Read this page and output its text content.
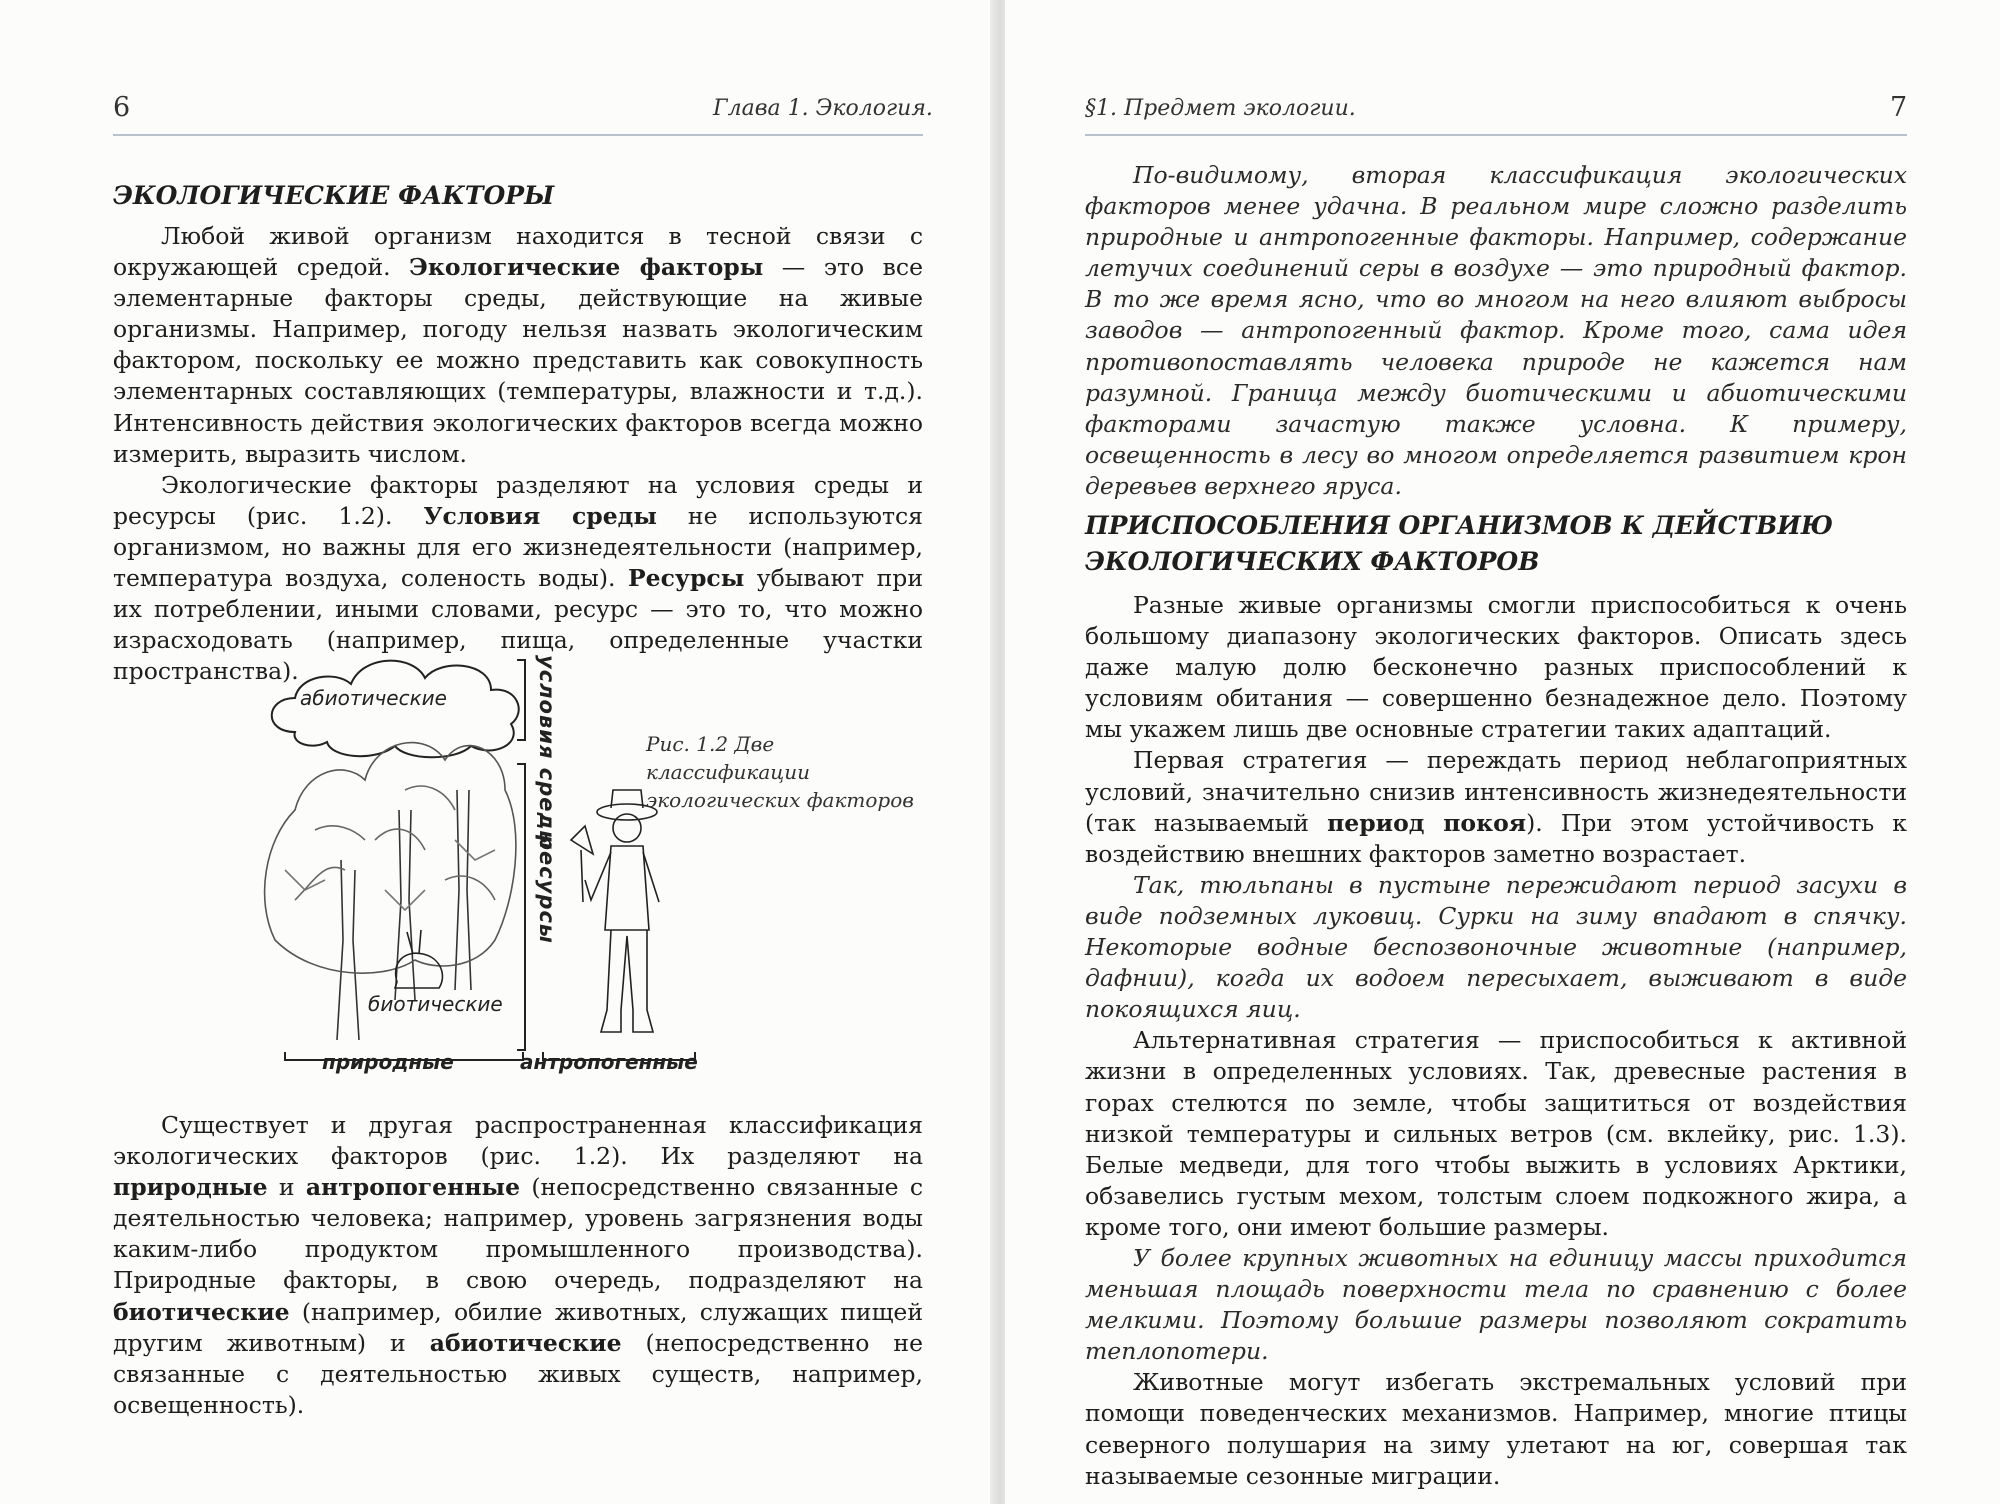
6	Глава 1. Экология.
ЭКОЛОГИЧЕСКИЕ ФАКТОРЫ

Любой живой организм находится в тесной связи с окружающей средой. Экологические факторы — это все элементарные факторы среды, действующие на живые организмы. Например, погоду нельзя назвать экологическим фактором, поскольку ее можно представить как совокупность элементарных составляющих (температуры, влажности и т.д.). Интенсивность действия экологических факторов всегда можно измерить, выразить числом.

Экологические факторы разделяют на условия среды и ресурсы (рис. 1.2). Условия среды не используются организмом, но важны для его жизнедеятельности (например, температура воздуха, соленость воды). Ресурсы убывают при их потреблении, иными словами, ресурс — это то, что можно израсходовать (например, пища, определенные участки пространства).

абиотические
биотические
условия среды
ресурсы
природные	антропогенные
Рис. 1.2 Две классификации экологических факторов

Существует и другая распространенная классификация экологических факторов (рис. 1.2). Их разделяют на природные и антропогенные (непосредственно связанные с деятельностью человека; например, уровень загрязнения воды каким-либо продуктом промышленного производства). Природные факторы, в свою очередь, подразделяют на биотические (например, обилие животных, служащих пищей другим животным) и абиотические (непосредственно не связанные с деятельностью живых существ, например, освещенность).

§1. Предмет экологии.	7

По-видимому, вторая классификация экологических факторов менее удачна. В реальном мире сложно разделить природные и антропогенные факторы. Например, содержание летучих соединений серы в воздухе — это природный фактор. В то же время ясно, что во многом на него влияют выбросы заводов — антропогенный фактор. Кроме того, сама идея противопоставлять человека природе не кажется нам разумной. Граница между биотическими и абиотическими факторами зачастую также условна. К примеру, освещенность в лесу во многом определяется развитием крон деревьев верхнего яруса.

ПРИСПОСОБЛЕНИЯ ОРГАНИЗМОВ К ДЕЙСТВИЮ
ЭКОЛОГИЧЕСКИХ ФАКТОРОВ

Разные живые организмы смогли приспособиться к очень большому диапазону экологических факторов. Описать здесь даже малую долю бесконечно разных приспособлений к условиям обитания — совершенно безнадежное дело. Поэтому мы укажем лишь две основные стратегии таких адаптаций.

Первая стратегия — переждать период неблагоприятных условий, значительно снизив интенсивность жизнедеятельности (так называемый период покоя). При этом устойчивость к воздействию внешних факторов заметно возрастает.

Так, тюльпаны в пустыне пережидают период засухи в виде подземных луковиц. Сурки на зиму впадают в спячку. Некоторые водные беспозвоночные животные (например, дафнии), когда их водоем пересыхает, выживают в виде покоящихся яиц.

Альтернативная стратегия — приспособиться к активной жизни в определенных условиях. Так, древесные растения в горах стелются по земле, чтобы защититься от воздействия низкой температуры и сильных ветров (см. вклейку, рис. 1.3). Белые медведи, для того чтобы выжить в условиях Арктики, обзавелись густым мехом, толстым слоем подкожного жира, а кроме того, они имеют большие размеры.

У более крупных животных на единицу массы приходится меньшая площадь поверхности тела по сравнению с более мелкими. Поэтому большие размеры позволяют сократить теплопотери.

Животные могут избегать экстремальных условий при помощи поведенческих механизмов. Например, многие птицы северного полушария на зиму улетают на юг, совершая так называемые сезонные миграции.
